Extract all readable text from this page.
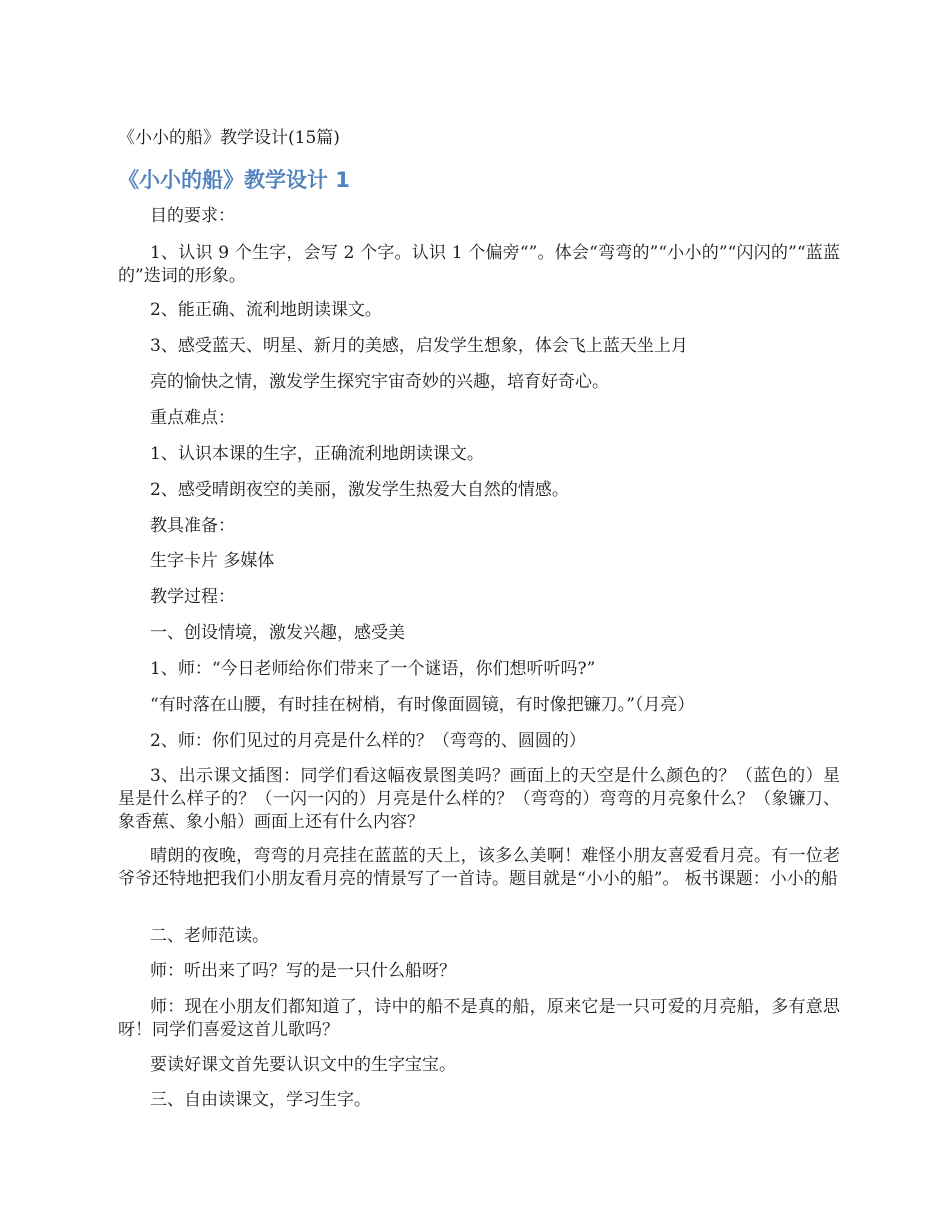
《小小的船》教学设计(15篇)
《小小的船》教学设计 1

目的要求：

1、认识 9 个生字，会写 2 个字。认识 1 个偏旁“”。体会“弯弯的”“小小的”“闪闪的”“蓝蓝的”迭词的形象。

2、能正确、流利地朗读课文。

3、感受蓝天、明星、新月的美感，启发学生想象，体会飞上蓝天坐上月

亮的愉快之情，激发学生探究宇宙奇妙的兴趣，培育好奇心。

重点难点：

1、认识本课的生字，正确流利地朗读课文。

2、感受晴朗夜空的美丽，激发学生热爱大自然的情感。

教具准备：

生字卡片 多媒体

教学过程：

一、创设情境，激发兴趣，感受美

1、师：“今日老师给你们带来了一个谜语，你们想听听吗?”

“有时落在山腰，有时挂在树梢，有时像面圆镜，有时像把镰刀。”（月亮）

2、师：你们见过的月亮是什么样的？（弯弯的、圆圆的）

3、出示课文插图：同学们看这幅夜景图美吗？画面上的天空是什么颜色的？（蓝色的）星星是什么样子的？（一闪一闪的）月亮是什么样的？（弯弯的）弯弯的月亮象什么？（象镰刀、象香蕉、象小船）画面上还有什么内容？

晴朗的夜晚，弯弯的月亮挂在蓝蓝的天上，该多么美啊！难怪小朋友喜爱看月亮。有一位老爷爷还特地把我们小朋友看月亮的情景写了一首诗。题目就是“小小的船”。 板书课题：小小的船

二、老师范读。

师：听出来了吗？写的是一只什么船呀？

师：现在小朋友们都知道了，诗中的船不是真的船，原来它是一只可爱的月亮船，多有意思呀！同学们喜爱这首儿歌吗？

要读好课文首先要认识文中的生字宝宝。

三、自由读课文，学习生字。
